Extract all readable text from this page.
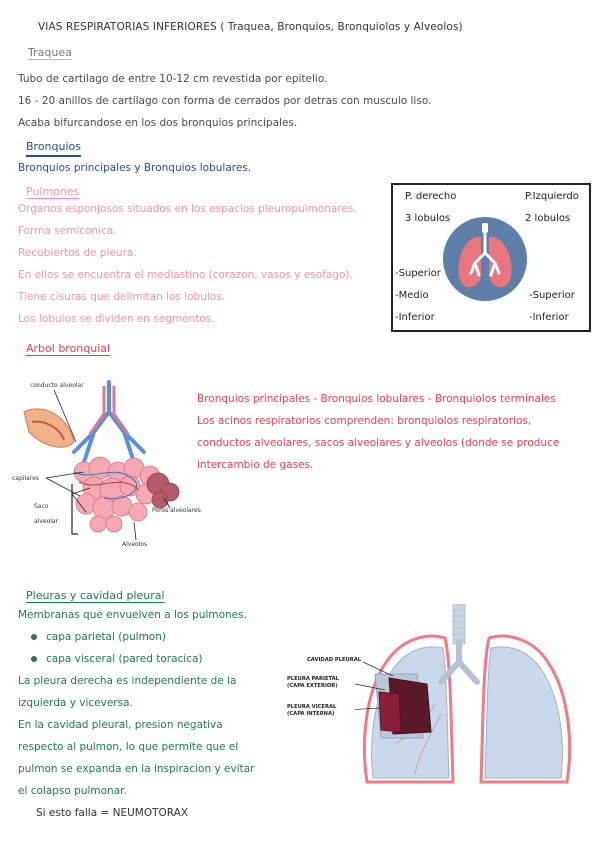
VIAS RESPIRATORIAS INFERIORES ( Traquea, Bronquios, Bronquiolos y Alveolos)
Traquea
Tubo de cartilago de entre 10-12 cm revestida por epitelio.
16 - 20 anillos de cartilago con forma de cerrados por detras con musculo liso.
Acaba bifurcandose en los dos bronquios principales.
Bronquios
Bronquios principales y Bronquios lobulares.
Pulmones
Organos esponjosos situados en los espacios pleuropulmonares.
Forma semiconica.
Recubiertos de pleura.
En ellos se encuentra el mediastino (corazon, vasos y esofago).
Tiene cisuras que delimitan los lobulos.
Los lobulos se dividen en segmentos.
P. derecho	P.Izquierdo
3 lobulos	2 lobulos
-Superior
-Medio
-Inferior
-Superior
-Inferior
Arbol bronquial
Bronquios principales - Bronquios lobulares - Bronquiolos terminales
Los acinos respiratorios comprenden: bronquiolos respiratorios,
conductos alveolares, sacos alveolares y alveolos (donde se produce
intercambio de gases.
conducto alveolar
capilares
Saco
alveolar
Poros alveolares
Alveolos
Pleuras y cavidad pleural
Membranas que envuelven a los pulmones.
capa parietal (pulmon)
capa visceral (pared toracica)
La pleura derecha es independiente de la
izquierda y viceversa.
En la cavidad pleural, presion negativa
respecto al pulmon, lo que permite que el
pulmon se expanda en la inspiracion y evitar
el colapso pulmonar.
Si esto falla = NEUMOTORAX
CAVIDAD PLEURAL
PLEURA PARIETAL
(CAPA EXTERIOR)
PLEURA VICERAL
(CAPA INTERNA)
